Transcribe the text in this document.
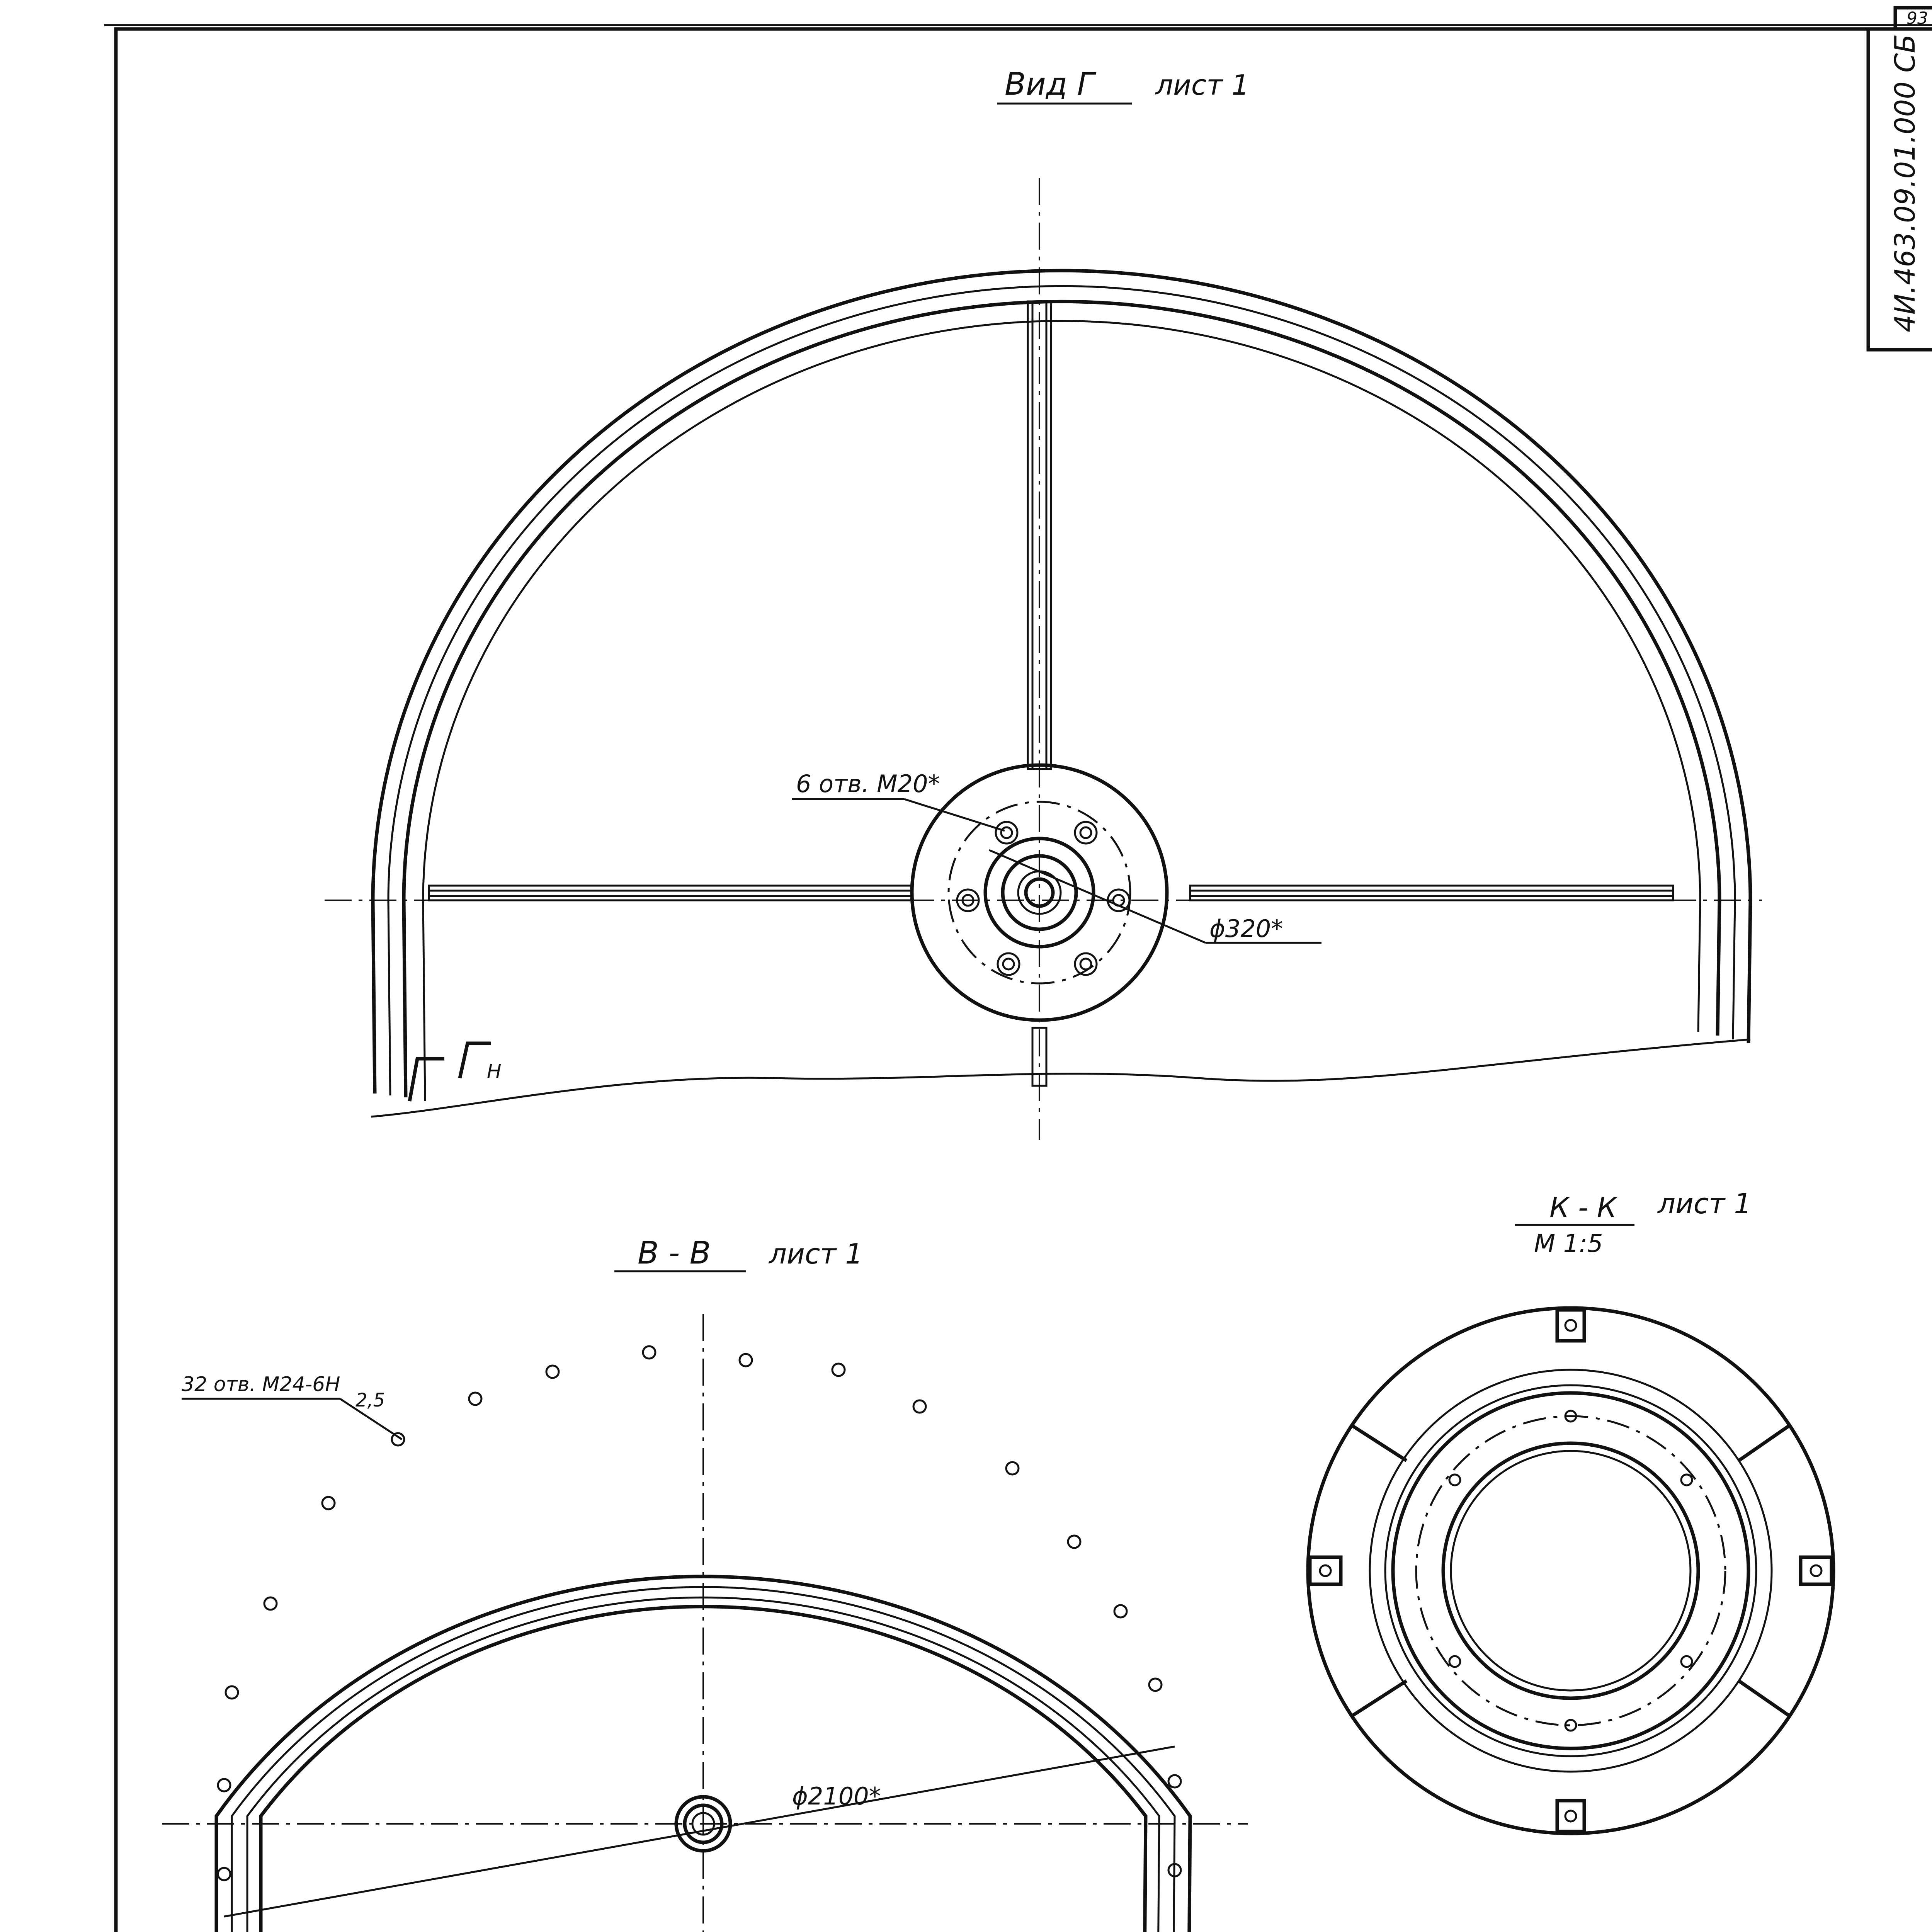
93
4И.463.09.01.000 СБ
Вид Г лист 1
6 отв. М20*
ϕ320*
Н
В - В лист 1
32 отв. М24-6Н
2,5
ϕ2100*
К - К
М 1:5
лист 1
